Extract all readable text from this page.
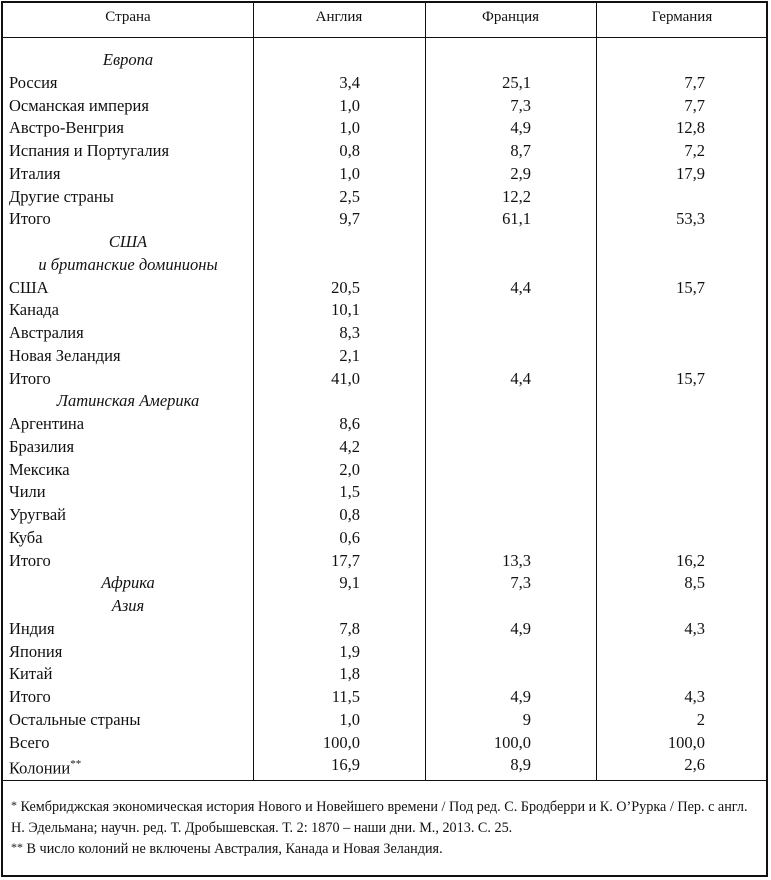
Страна	Англия	Франция	Германия
Европа
Россия	3,4	25,1	7,7
Османская империя	1,0	7,3	7,7
Австро-Венгрия	1,0	4,9	12,8
Испания и Португалия	0,8	8,7	7,2
Италия	1,0	2,9	17,9
Другие страны	2,5	12,2
Итого	9,7	61,1	53,3
США
и британские доминионы
США	20,5	4,4	15,7
Канада	10,1
Австралия	8,3
Новая Зеландия	2,1
Итого	41,0	4,4	15,7
Латинская Америка
Аргентина	8,6
Бразилия	4,2
Мексика	2,0
Чили	1,5
Уругвай	0,8
Куба	0,6
Итого	17,7	13,3	16,2
Африка	9,1	7,3	8,5
Азия
Индия	7,8	4,9	4,3
Япония	1,9
Китай	1,8
Итого	11,5	4,9	4,3
Остальные страны	1,0	9	2
Всего	100,0	100,0	100,0
Колонии**	16,9	8,9	2,6

* Кембриджская экономическая история Нового и Новейшего времени / Под ред. С. Бродберри и К. О’Рурка / Пер. с англ. Н. Эдельмана; научн. ред. Т. Дробышевская. Т. 2: 1870 – наши дни. М., 2013. С. 25.

** В число колоний не включены Австралия, Канада и Новая Зеландия.
